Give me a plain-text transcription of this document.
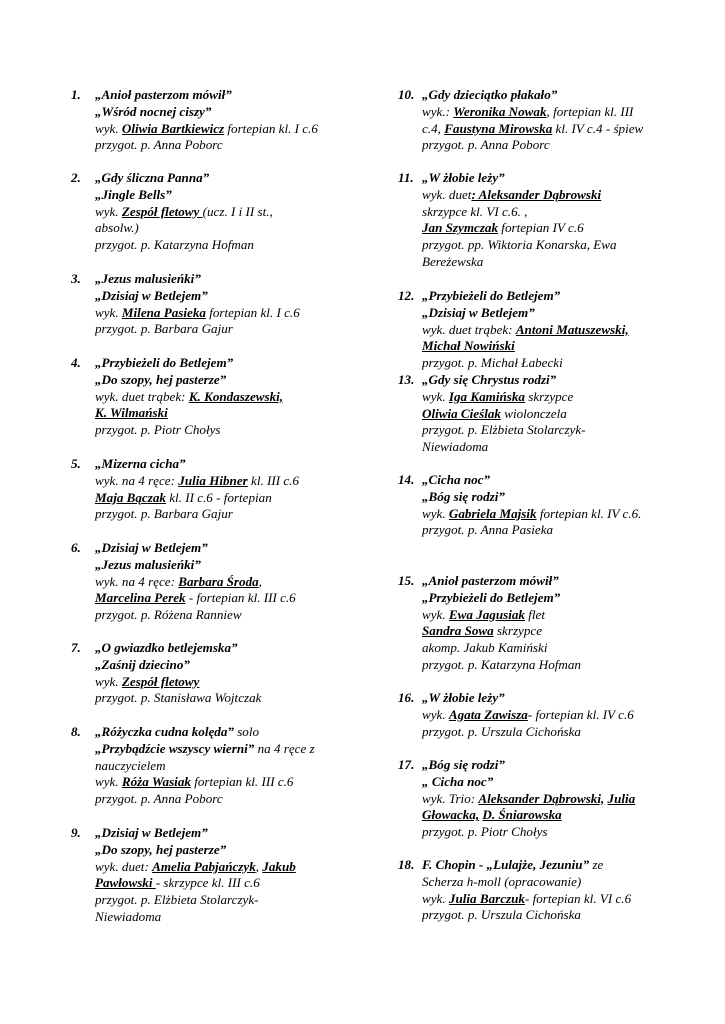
1. „Anioł pasterzom mówił”
„Wśród nocnej ciszy”
wyk. Oliwia Bartkiewicz fortepian kl. I c.6
przygot. p. Anna Poborc
2. „Gdy śliczna Panna”
„Jingle Bells”
wyk. Zespół fletowy (ucz. I i II st.,
absolw.)
przygot. p. Katarzyna Hofman
3. „Jezus malusieńki”
„Dzisiaj w Betlejem”
wyk. Milena Pasieka fortepian kl. I c.6
przygot. p. Barbara Gajur
4. „Przybieżeli do Betlejem”
„Do szopy, hej pasterze”
wyk. duet trąbek: K. Kondaszewski,
K. Wilmański
przygot. p. Piotr Chołys
5. „Mizerna cicha”
wyk. na 4 ręce: Julia Hibner kl. III c.6
Maja Bączak kl. II c.6 - fortepian
przygot. p. Barbara Gajur
6. „Dzisiaj w Betlejem”
„Jezus malusieńki”
wyk. na 4 ręce: Barbara Środa,
Marcelina Perek - fortepian kl. III c.6
przygot. p. Różena Ranniew
7. „O gwiazdko betlejemska”
„Zaśnij dziecino”
wyk. Zespół fletowy
przygot. p. Stanisława Wojtczak
8. „Różyczka cudna kolęda” solo
„Przybądźcie wszyscy wierni” na 4 ręce z
nauczycielem
wyk. Róża Wasiak fortepian kl. III c.6
przygot. p. Anna Poborc
9. „Dzisiaj w Betlejem”
„Do szopy, hej pasterze”
wyk. duet: Amelia Pabjańczyk, Jakub
Pawłowski - skrzypce kl. III c.6
przygot. p. Elżbieta Stolarczyk-
Niewiadoma
10. „Gdy dzieciątko płakało”
wyk.: Weronika Nowak, fortepian kl. III
c.4, Faustyna Mirowska kl. IV c.4 - śpiew
przygot. p. Anna Poborc
11. „W żłobie leży”
wyk. duet: Aleksander Dąbrowski
skrzypce kl. VI c.6. ,
Jan Szymczak fortepian IV c.6
przygot. pp. Wiktoria Konarska, Ewa
Bereżewska
12. „Przybieżeli do Betlejem”
„Dzisiaj w Betlejem”
wyk. duet trąbek: Antoni Matuszewski,
Michał Nowiński
przygot. p. Michał Łabecki
13. „Gdy się Chrystus rodzi”
wyk. Iga Kamińska skrzypce
Oliwia Cieślak wiolonczela
przygot. p. Elżbieta Stolarczyk-
Niewiadoma
14. „Cicha noc”
„Bóg się rodzi”
wyk. Gabriela Majsik fortepian kl. IV c.6.
przygot. p. Anna Pasieka
15. „Anioł pasterzom mówił”
„Przybieżeli do Betlejem”
wyk. Ewa Jagusiak flet
Sandra Sowa skrzypce
akomp. Jakub Kamiński
przygot. p. Katarzyna Hofman
16. „W żłobie leży”
wyk. Agata Zawisza- fortepian kl. IV c.6
przygot. p. Urszula Cichońska
17. „Bóg się rodzi”
„ Cicha noc”
wyk. Trio: Aleksander Dąbrowski, Julia
Głowacka, D. Śniarowska
przygot. p. Piotr Chołys
18. F. Chopin - „Lulajże, Jezuniu” ze
Scherza h-moll (opracowanie)
wyk. Julia Barczuk- fortepian kl. VI c.6
przygot. p. Urszula Cichońska
